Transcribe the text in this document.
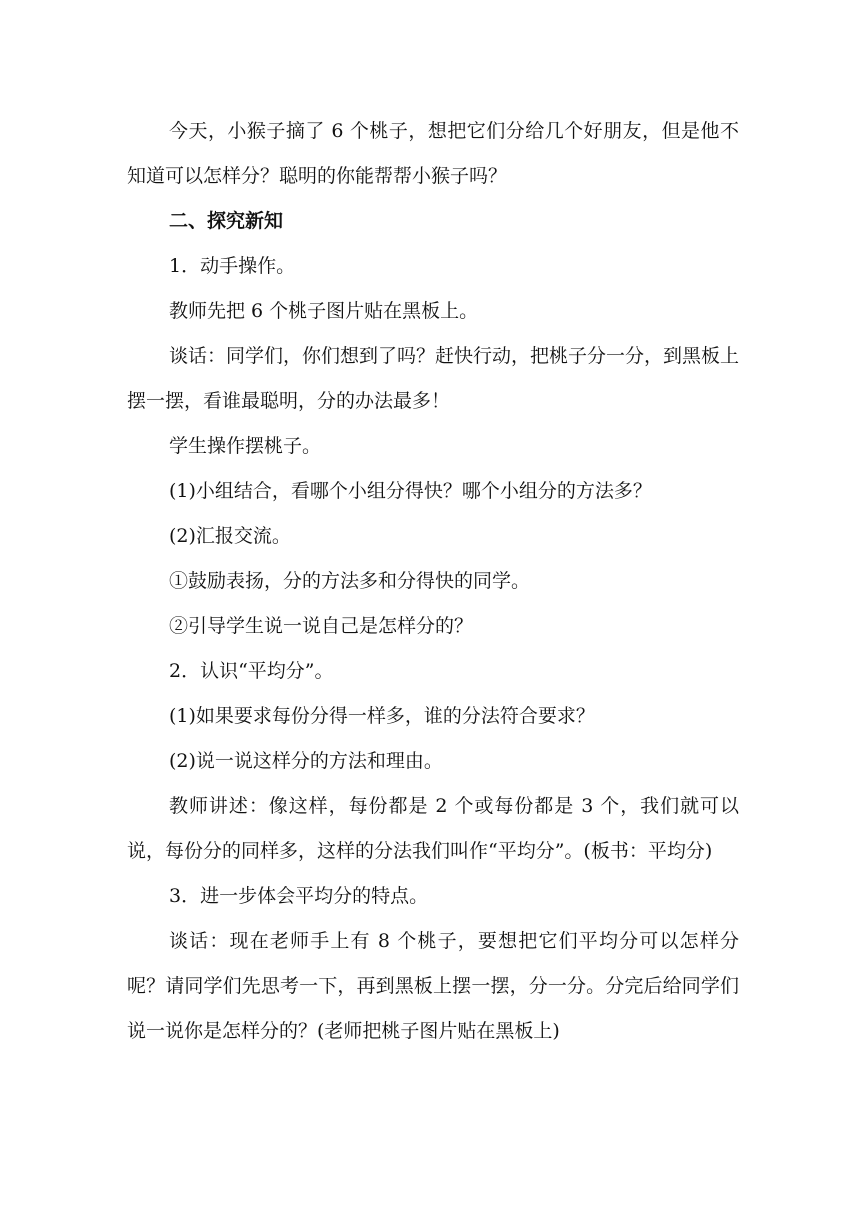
今天，小猴子摘了 6 个桃子，想把它们分给几个好朋友，但是他不知道可以怎样分？聪明的你能帮帮小猴子吗？

二、探究新知

1．动手操作。

教师先把 6 个桃子图片贴在黑板上。

谈话：同学们，你们想到了吗？赶快行动，把桃子分一分，到黑板上摆一摆，看谁最聪明，分的办法最多！

学生操作摆桃子。

(1)小组结合，看哪个小组分得快？哪个小组分的方法多？

(2)汇报交流。

①鼓励表扬，分的方法多和分得快的同学。

②引导学生说一说自己是怎样分的？

2．认识“平均分”。

(1)如果要求每份分得一样多，谁的分法符合要求？

(2)说一说这样分的方法和理由。

教师讲述：像这样，每份都是 2 个或每份都是 3 个，我们就可以说，每份分的同样多，这样的分法我们叫作“平均分”。(板书：平均分)

3．进一步体会平均分的特点。

谈话：现在老师手上有 8 个桃子，要想把它们平均分可以怎样分呢？请同学们先思考一下，再到黑板上摆一摆，分一分。分完后给同学们说一说你是怎样分的？(老师把桃子图片贴在黑板上)
